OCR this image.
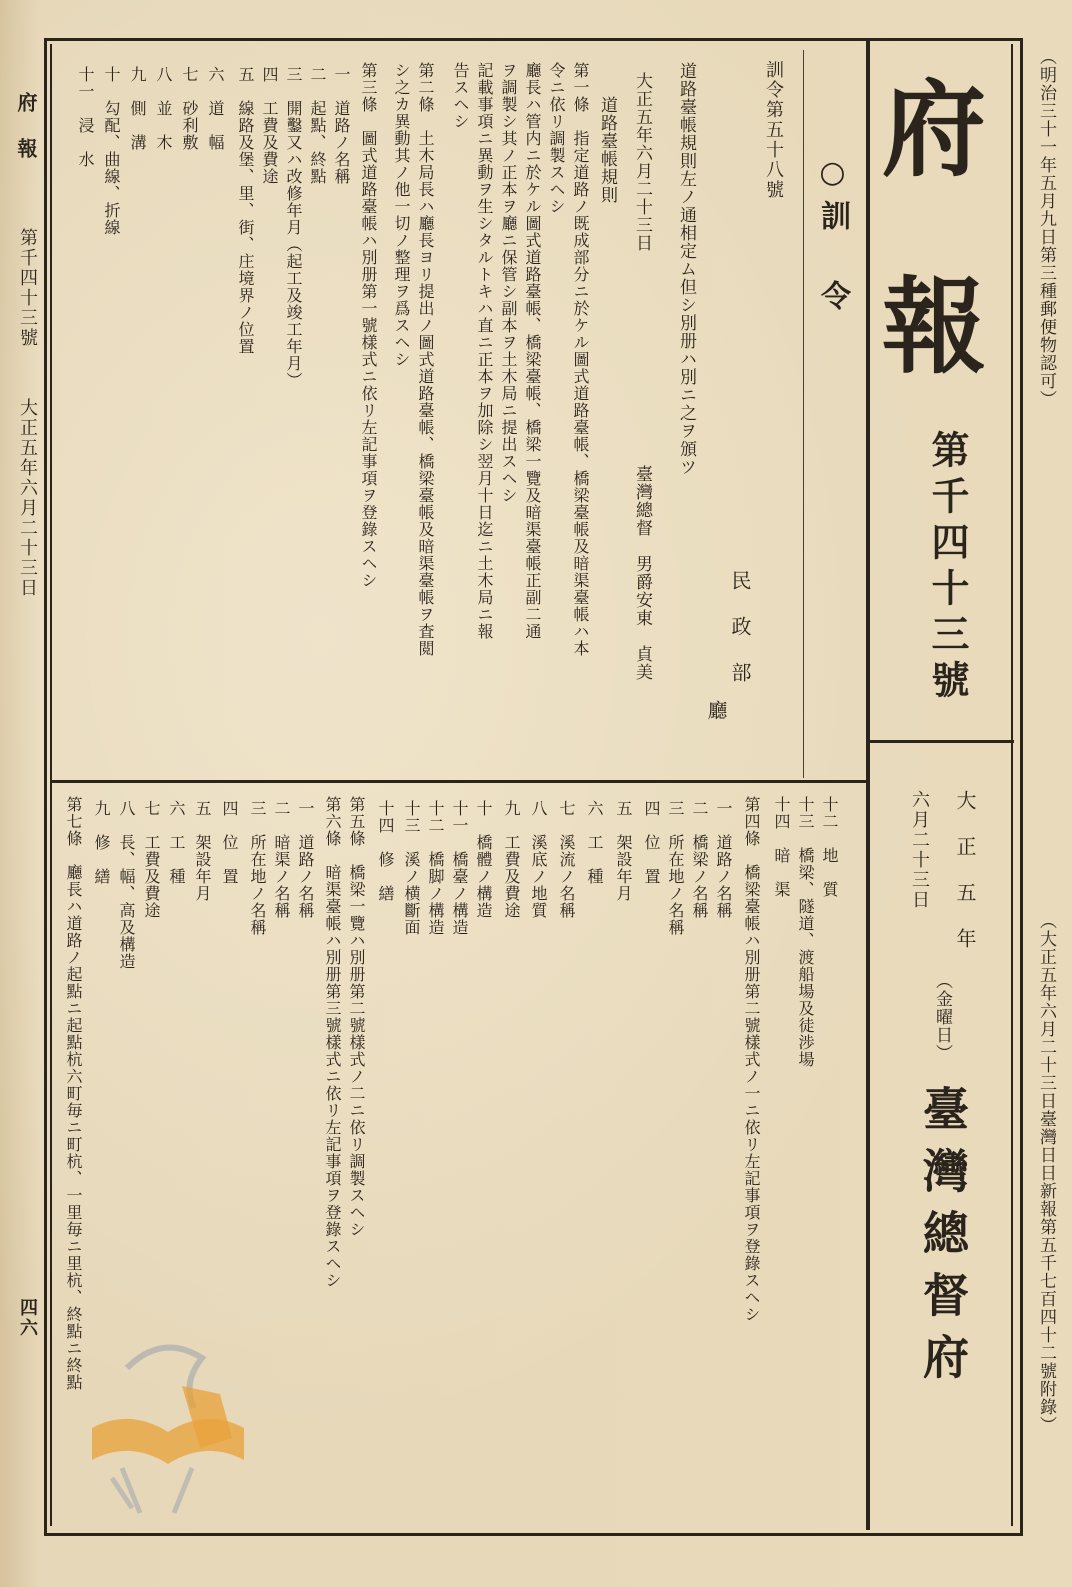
府　報
第千四十三號
大正五年六月二十三日
四六
（明治三十一年五月九日第三種郵便物認可）
（大正五年六月二十三日臺灣日日新報第五千七百四十二號附錄）
府
報
第千四十三號
大　正　五　年
六月二十三日
（金曜日）
臺灣總督府
○訓　令
民　政　部
廳
訓令第五十八號
道路臺帳規則左ノ通相定ム但シ別册ハ別ニ之ヲ頒ツ
臺灣總督　男爵安東　貞美
大正五年六月二十三日
道路臺帳規則
第一條　指定道路ノ既成部分ニ於ケル圖式道路臺帳、橋梁臺帳及暗渠臺帳ハ本
令ニ依リ調製スヘシ
廳長ハ管内ニ於ケル圖式道路臺帳、橋梁臺帳、橋梁一覽及暗渠臺帳正副二通
ヲ調製シ其ノ正本ヲ廳ニ保管シ副本ヲ土木局ニ提出スヘシ
記載事項ニ異動ヲ生シタルトキハ直ニ正本ヲ加除シ翌月十日迄ニ土木局ニ報
告スヘシ
第二條　土木局長ハ廳長ヨリ提出ノ圖式道路臺帳、橋梁臺帳及暗渠臺帳ヲ査閲
シ之カ異動其ノ他一切ノ整理ヲ爲スヘシ
第三條　圖式道路臺帳ハ別册第一號樣式ニ依リ左記事項ヲ登錄スヘシ
一　道路ノ名稱
二　起點、終點
三　開鑿又ハ改修年月（起工及竣工年月）
四　工費及費途
五　線路及堡、里、街、庄境界ノ位置
六　道　幅
七　砂利敷
八　並　木
九　側　溝
十　勾配、曲線、折線
十一　浸　水
十二　地　質
十三　橋梁、隧道、渡船場及徒渉場
十四　暗　渠
第四條　橋梁臺帳ハ別册第二號樣式ノ一ニ依リ左記事項ヲ登錄スヘシ
一　道路ノ名稱
二　橋梁ノ名稱
三　所在地ノ名稱
四　位　置
五　架設年月
六　工　種
七　溪流ノ名稱
八　溪底ノ地質
九　工費及費途
十　橋體ノ構造
十一　橋臺ノ構造
十二　橋脚ノ構造
十三　溪ノ横斷面
十四　修　繕
第五條　橋梁一覽ハ別册第二號樣式ノ二ニ依リ調製スヘシ
第六條　暗渠臺帳ハ別册第三號樣式ニ依リ左記事項ヲ登錄スヘシ
一　道路ノ名稱
二　暗渠ノ名稱
三　所在地ノ名稱
四　位　置
五　架設年月
六　工　種
七　工費及費途
八　長、幅、高及構造
九　修　繕
第七條　廳長ハ道路ノ起點ニ起點杭六町毎ニ町杭、一里毎ニ里杭、終點ニ終點
